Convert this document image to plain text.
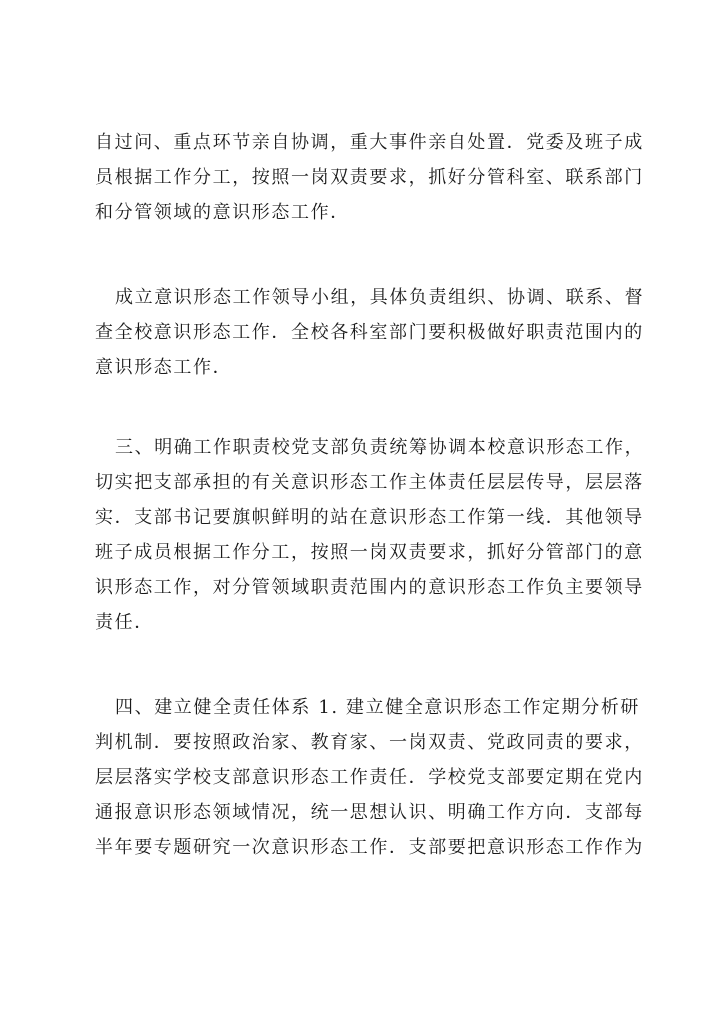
自过问、重点环节亲自协调，重大事件亲自处置．党委及班子成
员根据工作分工，按照一岗双责要求，抓好分管科室、联系部门
和分管领域的意识形态工作．

成立意识形态工作领导小组，具体负责组织、协调、联系、督
查全校意识形态工作．全校各科室部门要积极做好职责范围内的
意识形态工作．

三、明确工作职责校党支部负责统筹协调本校意识形态工作，
切实把支部承担的有关意识形态工作主体责任层层传导，层层落
实．支部书记要旗帜鲜明的站在意识形态工作第一线．其他领导
班子成员根据工作分工，按照一岗双责要求，抓好分管部门的意
识形态工作，对分管领域职责范围内的意识形态工作负主要领导
责任．

四、建立健全责任体系 1. 建立健全意识形态工作定期分析研
判机制．要按照政治家、教育家、一岗双责、党政同责的要求，
层层落实学校支部意识形态工作责任．学校党支部要定期在党内
通报意识形态领域情况，统一思想认识、明确工作方向．支部每
半年要专题研究一次意识形态工作．支部要把意识形态工作作为
